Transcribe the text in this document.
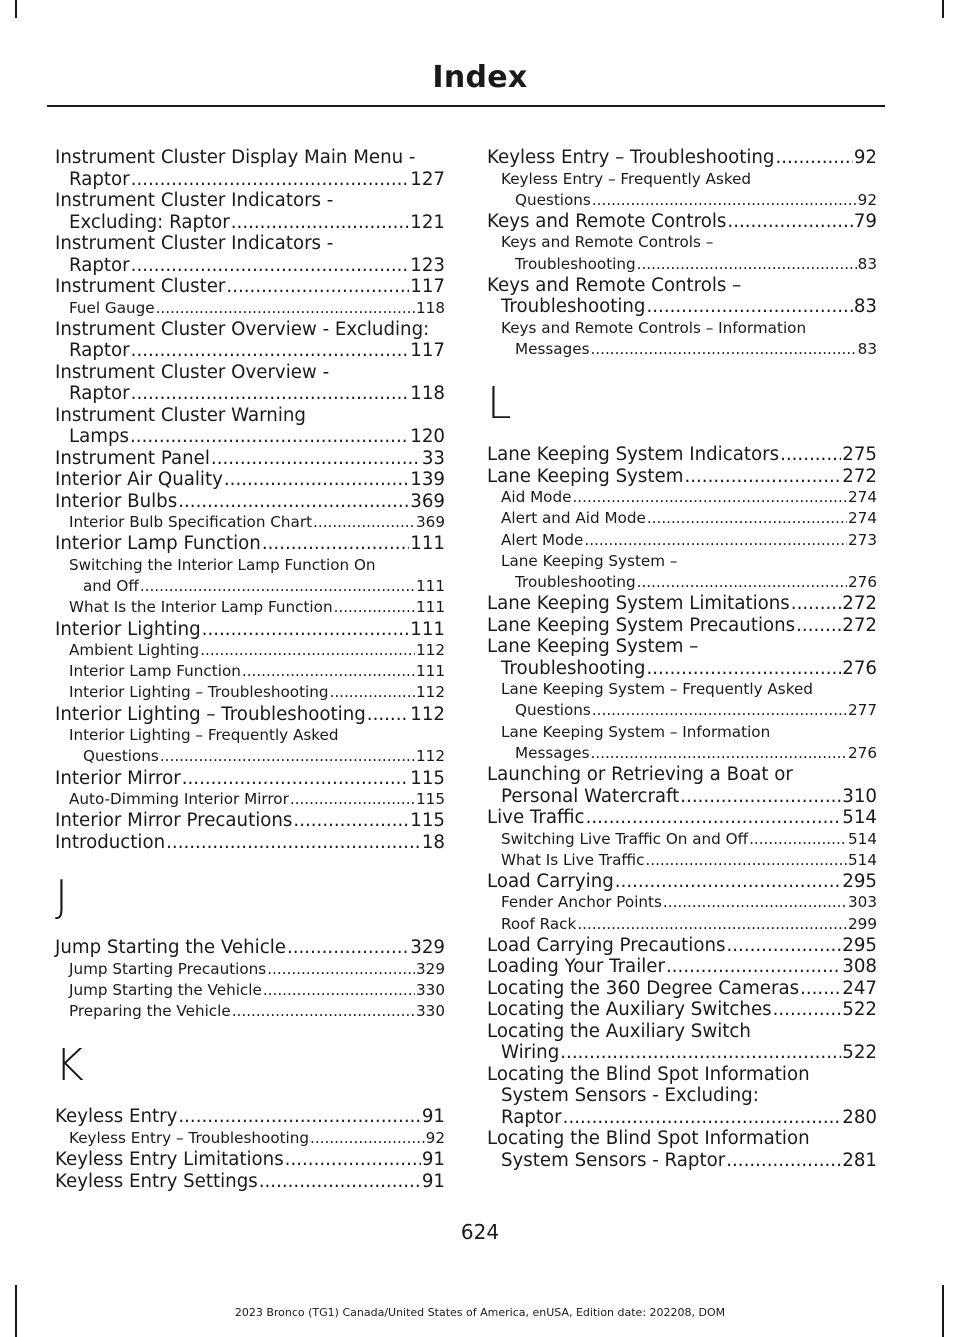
Index
Instrument Cluster Display Main Menu -
Raptor .....	127
Instrument Cluster Indicators -
Excluding: Raptor .....	121
Instrument Cluster Indicators -
Raptor .....	123
Instrument Cluster .....	117
Fuel Gauge .....	118
Instrument Cluster Overview - Excluding:
Raptor .....	117
Instrument Cluster Overview -
Raptor .....	118
Instrument Cluster Warning
Lamps .....	120
Instrument Panel .....	33
Interior Air Quality .....	139
Interior Bulbs .....	369
Interior Bulb Specification Chart .....	369
Interior Lamp Function .....	111
Switching the Interior Lamp Function On
and Off .....	111
What Is the Interior Lamp Function .....	111
Interior Lighting .....	111
Ambient Lighting .....	112
Interior Lamp Function .....	111
Interior Lighting – Troubleshooting .....	112
Interior Lighting – Troubleshooting ..... 112
Interior Lighting – Frequently Asked
Questions .....	112
Interior Mirror .....	115
Auto-Dimming Interior Mirror .....	115
Interior Mirror Precautions .....	115
Introduction .....	18
J
Jump Starting the Vehicle .....	329
Jump Starting Precautions .....	329
Jump Starting the Vehicle .....	330
Preparing the Vehicle .....	330
K
Keyless Entry .....	91
Keyless Entry – Troubleshooting .....	92
Keyless Entry Limitations .....	91
Keyless Entry Settings .....	91
Keyless Entry – Troubleshooting .....	92
Keyless Entry – Frequently Asked
Questions .....	92
Keys and Remote Controls .....	79
Keys and Remote Controls –
Troubleshooting .....	83
Keys and Remote Controls –
Troubleshooting .....	83
Keys and Remote Controls – Information
Messages .....	83
L
Lane Keeping System Indicators .....	275
Lane Keeping System .....	272
Aid Mode .....	274
Alert and Aid Mode .....	274
Alert Mode .....	273
Lane Keeping System –
Troubleshooting .....	276
Lane Keeping System Limitations .....	272
Lane Keeping System Precautions .....	272
Lane Keeping System –
Troubleshooting .....	276
Lane Keeping System – Frequently Asked
Questions .....	277
Lane Keeping System – Information
Messages .....	276
Launching or Retrieving a Boat or
Personal Watercraft .....	310
Live Traffic .....	514
Switching Live Traffic On and Off .....	514
What Is Live Traffic .....	514
Load Carrying .....	295
Fender Anchor Points .....	303
Roof Rack .....	299
Load Carrying Precautions .....	295
Loading Your Trailer .....	308
Locating the 360 Degree Cameras ..... 247
Locating the Auxiliary Switches .....	522
Locating the Auxiliary Switch
Wiring .....	522
Locating the Blind Spot Information
System Sensors - Excluding:
Raptor .....	280
Locating the Blind Spot Information
System Sensors - Raptor .....	281
624
2023 Bronco (TG1) Canada/United States of America, enUSA, Edition date: 202208, DOM
